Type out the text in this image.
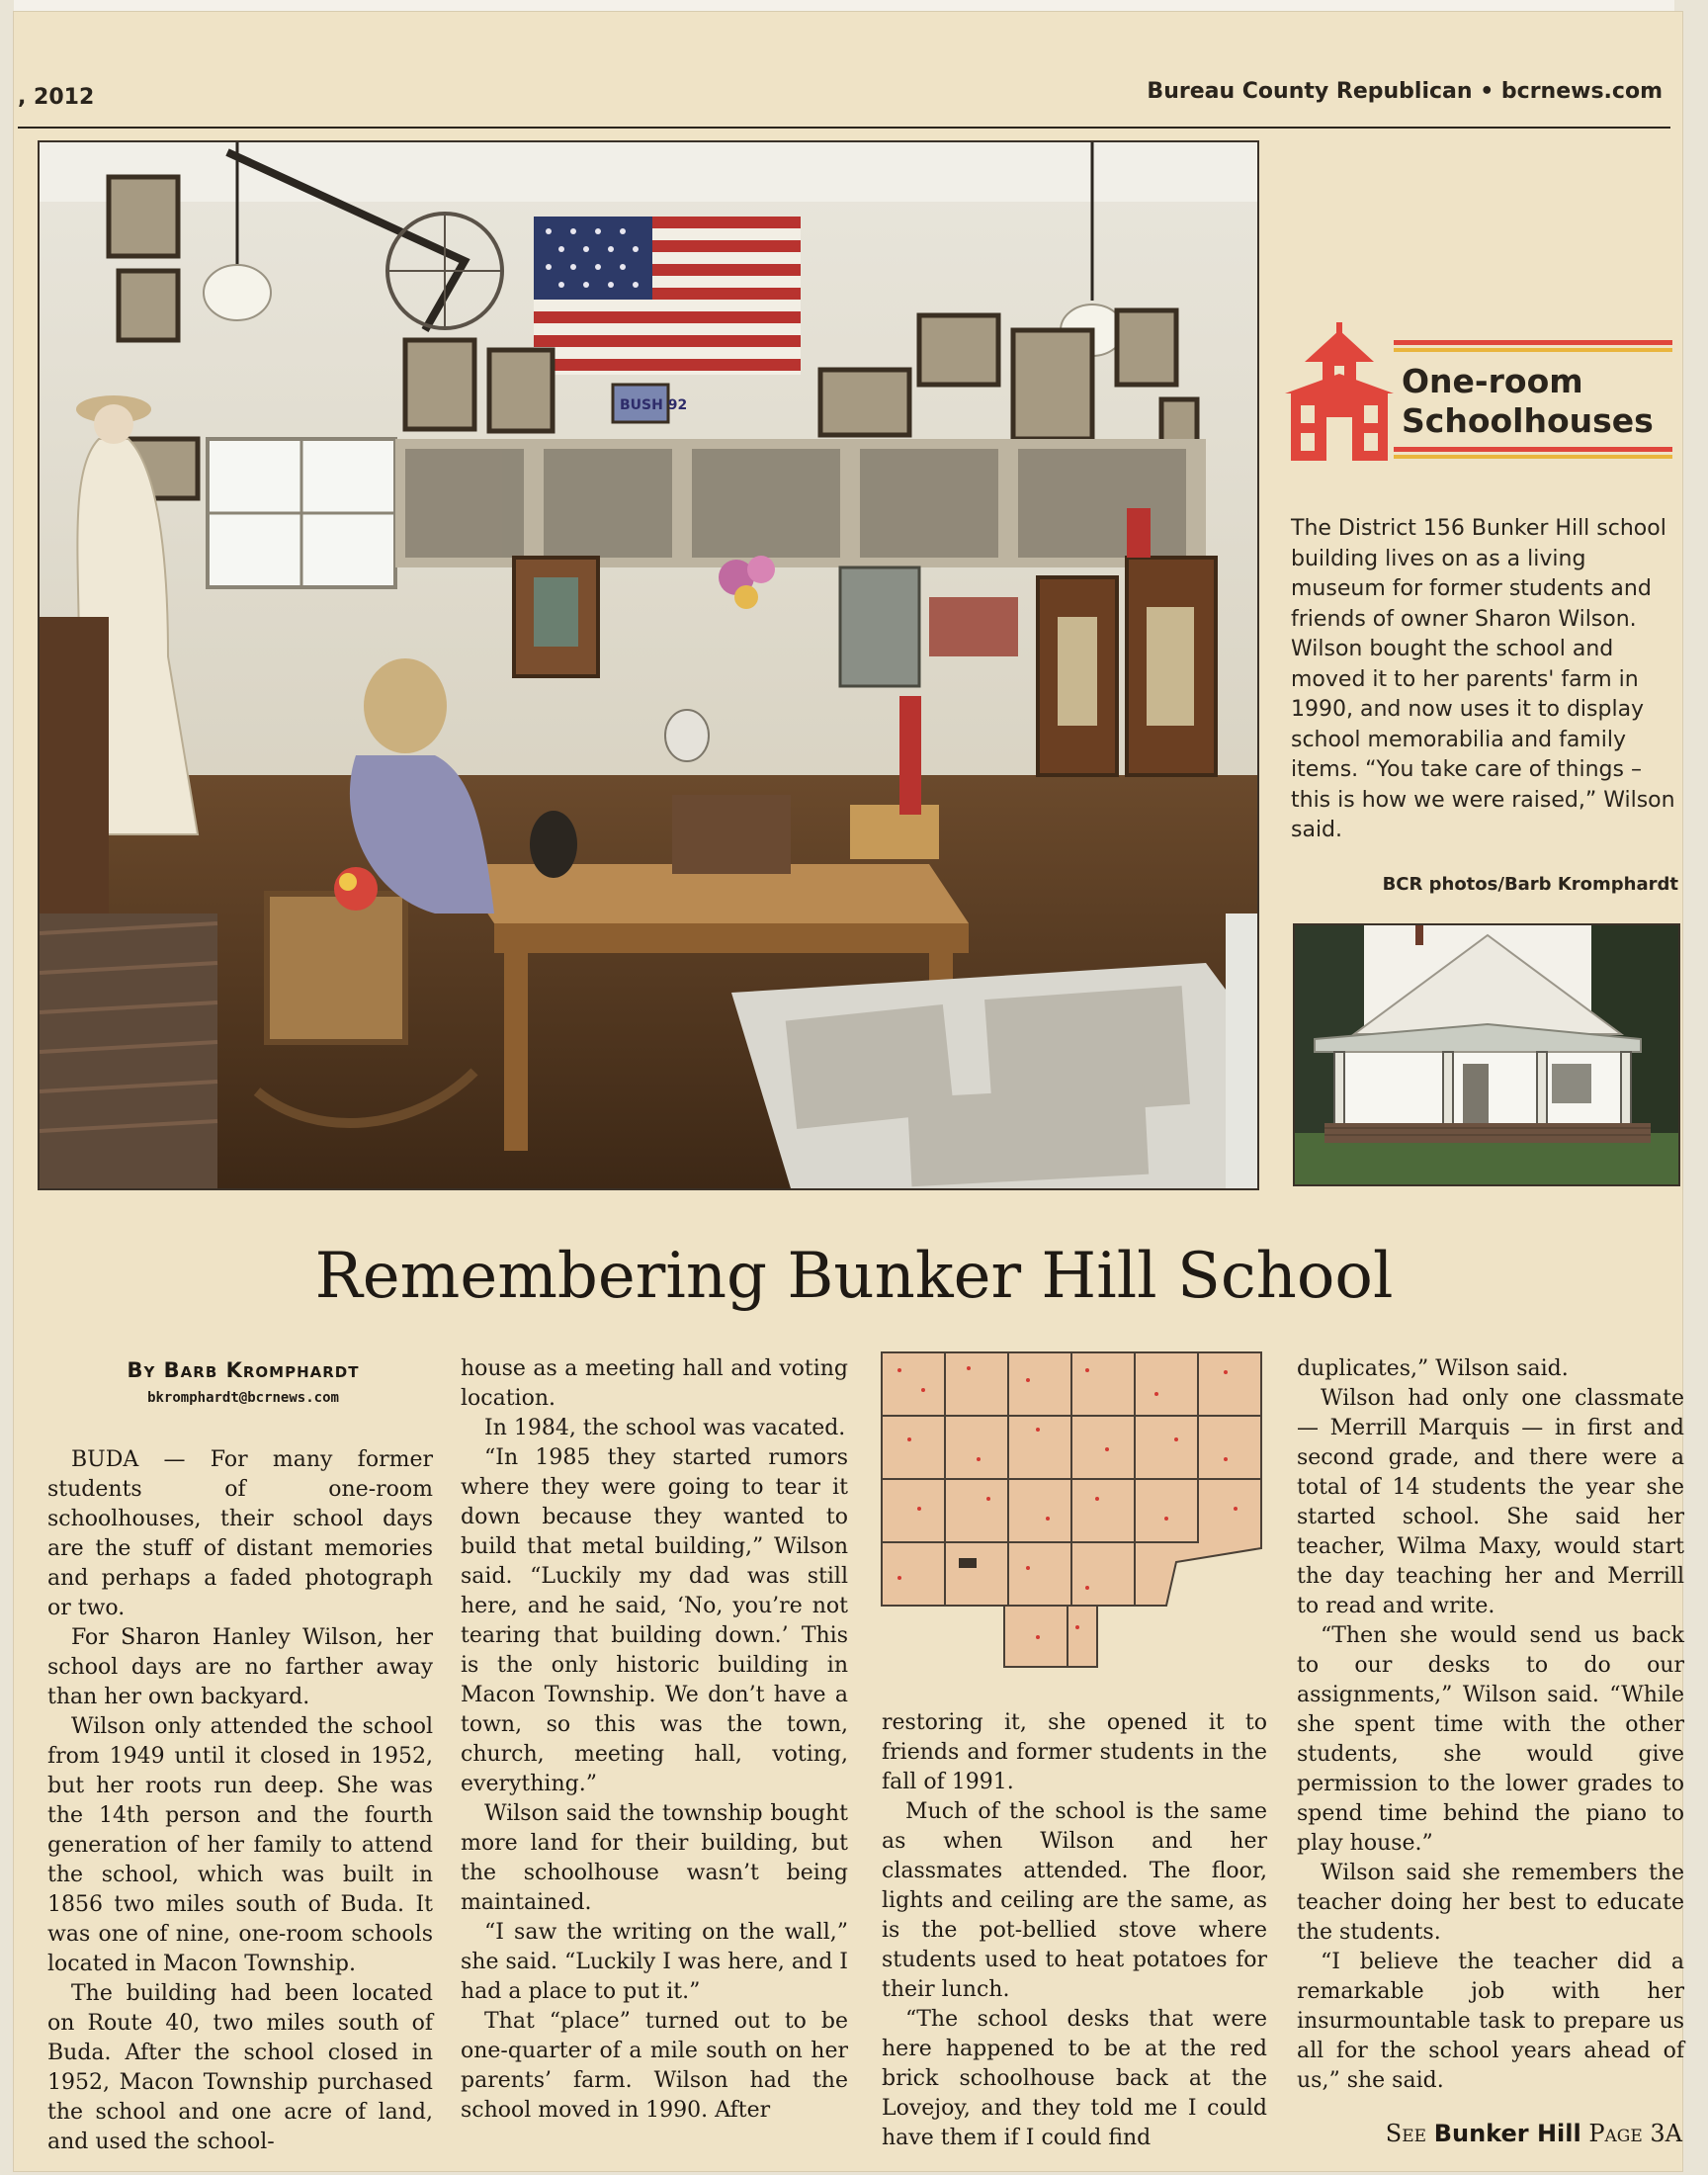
, 2012	Bureau County Republican • bcrnews.com
BUSH 92
One-room
Schoolhouses
The District 156 Bunker Hill school building lives on as a living museum for former students and friends of owner Sharon Wilson. Wilson bought the school and moved it to her parents' farm in 1990, and now uses it to display school memorabilia and family items. “You take care of things – this is how we were raised,” Wilson said.
BCR photos/Barb Kromphardt
Remembering Bunker Hill School
By Barb Kromphardt
bkromphardt@bcrnews.com

BUDA — For many former students of one-room schoolhouses, their school days are the stuff of distant memories and perhaps a faded photograph or two.

For Sharon Hanley Wilson, her school days are no farther away than her own backyard.

Wilson only attended the school from 1949 until it closed in 1952, but her roots run deep. She was the 14th person and the fourth generation of her family to attend the school, which was built in 1856 two miles south of Buda. It was one of nine, one-room schools located in Macon Township.

The building had been located on Route 40, two miles south of Buda. After the school closed in 1952, Macon Township purchased the school and one acre of land, and used the school-

house as a meeting hall and voting location.

In 1984, the school was vacated.

“In 1985 they started rumors where they were going to tear it down because they wanted to build that metal building,” Wilson said. “Luckily my dad was still here, and he said, ‘No, you’re not tearing that building down.’ This is the only historic building in Macon Township. We don’t have a town, so this was the town, church, meeting hall, voting, everything.”

Wilson said the township bought more land for their building, but the schoolhouse wasn’t being maintained.

“I saw the writing on the wall,” she said. “Luckily I was here, and I had a place to put it.”

That “place” turned out to be one-quarter of a mile south on her parents’ farm. Wilson had the school moved in 1990. After

restoring it, she opened it to friends and former students in the fall of 1991.

Much of the school is the same as when Wilson and her classmates attended. The floor, lights and ceiling are the same, as is the pot-bellied stove where students used to heat potatoes for their lunch.

“The school desks that were here happened to be at the red brick schoolhouse back at the Lovejoy, and they told me I could have them if I could find

duplicates,” Wilson said.

Wilson had only one classmate — Merrill Marquis — in first and second grade, and there were a total of 14 students the year she started school. She said her teacher, Wilma Maxy, would start the day teaching her and Merrill to read and write.

“Then she would send us back to our desks to do our assignments,” Wilson said. “While she spent time with the other students, she would give permission to the lower grades to spend time behind the piano to play house.”

Wilson said she remembers the teacher doing her best to educate the students.

“I believe the teacher did a remarkable job with her insurmountable task to prepare us all for the school years ahead of us,” she said.

See Bunker Hill Page 3A
